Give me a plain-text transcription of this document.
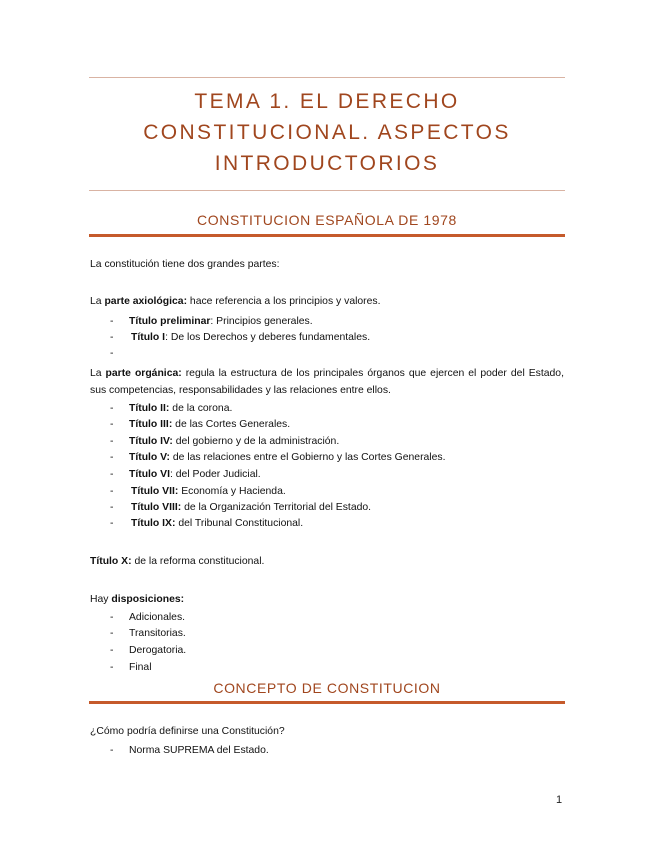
TEMA 1. EL DERECHO
CONSTITUCIONAL. ASPECTOS
INTRODUCTORIOS
CONSTITUCION ESPAÑOLA DE 1978
La constitución tiene dos grandes partes:
La parte axiológica: hace referencia a los principios y valores.
- Título preliminar: Principios generales.
- Título I: De los Derechos y deberes fundamentales.
-
La parte orgánica: regula la estructura de los principales órganos que ejercen el poder del Estado, sus competencias, responsabilidades y las relaciones entre ellos.
- Título II: de la corona.
- Título III: de las Cortes Generales.
- Título IV: del gobierno y de la administración.
- Título V: de las relaciones entre el Gobierno y las Cortes Generales.
- Título VI: del Poder Judicial.
- Título VII: Economía y Hacienda.
- Título VIII: de la Organización Territorial del Estado.
- Título IX: del Tribunal Constitucional.
Título X: de la reforma constitucional.
Hay disposiciones:
- Adicionales.
- Transitorias.
- Derogatoria.
- Final
CONCEPTO DE CONSTITUCION
¿Cómo podría definirse una Constitución?
- Norma SUPREMA del Estado.
1
